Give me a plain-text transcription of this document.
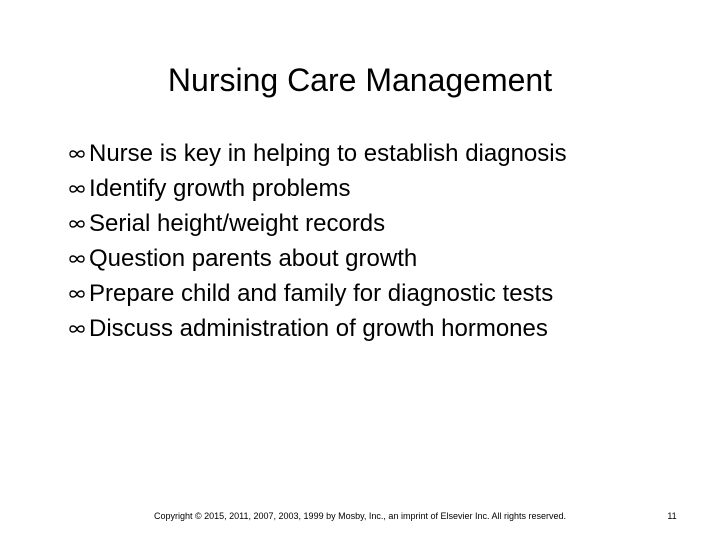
Nursing Care Management
Nurse is key in helping to establish diagnosis
Identify growth problems
Serial height/weight records
Question parents about growth
Prepare child and family for diagnostic tests
Discuss administration of growth hormones
Copyright © 2015, 2011, 2007, 2003, 1999 by Mosby, Inc., an imprint of Elsevier Inc. All rights reserved.	11
